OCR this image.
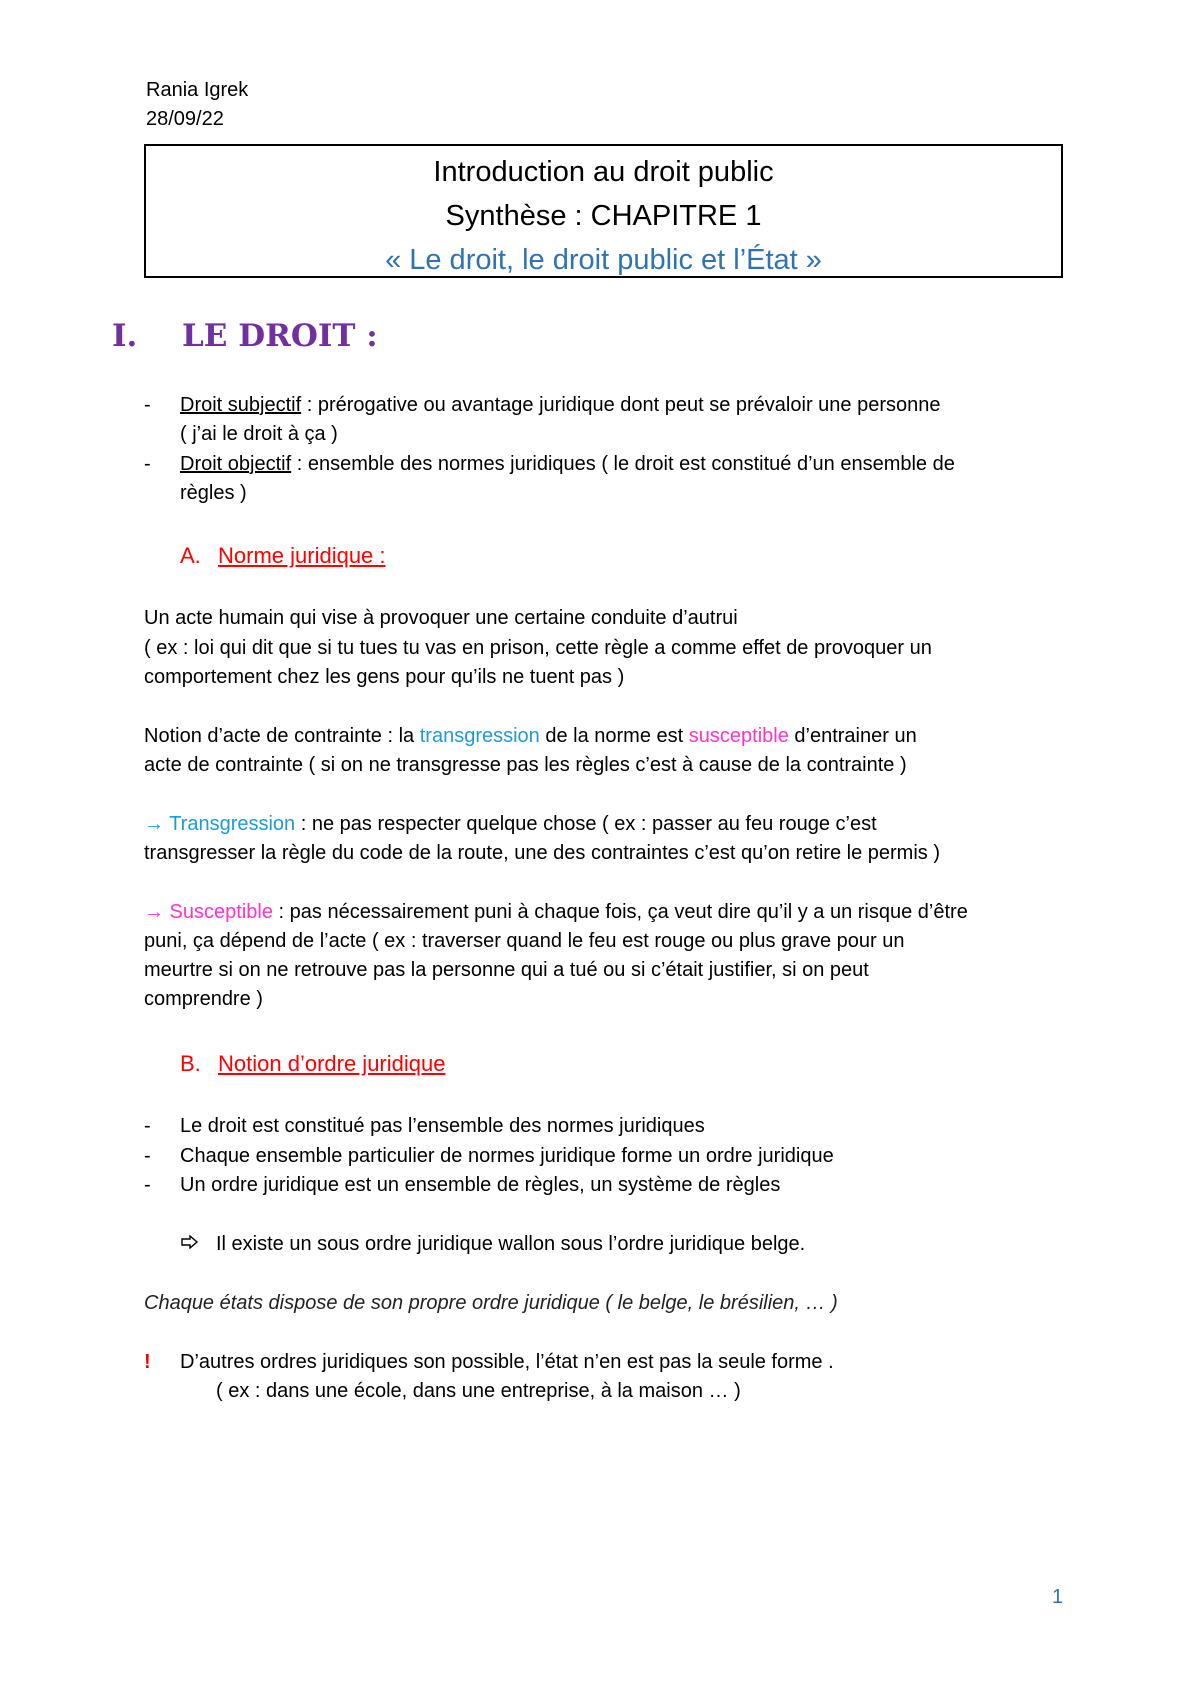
Rania Igrek
28/09/22
Introduction au droit public
Synthèse : CHAPITRE 1
« Le droit, le droit public et l’État »
I. LE DROIT :
- Droit subjectif : prérogative ou avantage juridique dont peut se prévaloir une personne
( j’ai le droit à ça )
- Droit objectif : ensemble des normes juridiques ( le droit est constitué d’un ensemble de
règles )
A. Norme juridique :
Un acte humain qui vise à provoquer une certaine conduite d’autrui
( ex : loi qui dit que si tu tues tu vas en prison, cette règle a comme effet de provoquer un
comportement chez les gens pour qu’ils ne tuent pas )
Notion d’acte de contrainte : la transgression de la norme est susceptible d’entrainer un
acte de contrainte ( si on ne transgresse pas les règles c’est à cause de la contrainte )
→ Transgression : ne pas respecter quelque chose ( ex : passer au feu rouge c’est
transgresser la règle du code de la route, une des contraintes c’est qu’on retire le permis )
→ Susceptible : pas nécessairement puni à chaque fois, ça veut dire qu’il y a un risque d’être
puni, ça dépend de l’acte ( ex : traverser quand le feu est rouge ou plus grave pour un
meurtre si on ne retrouve pas la personne qui a tué ou si c’était justifier, si on peut
comprendre )
B. Notion d’ordre juridique
- Le droit est constitué pas l’ensemble des normes juridiques
- Chaque ensemble particulier de normes juridique forme un ordre juridique
- Un ordre juridique est un ensemble de règles, un système de règles
Il existe un sous ordre juridique wallon sous l’ordre juridique belge.
Chaque états dispose de son propre ordre juridique ( le belge, le brésilien, … )
! D’autres ordres juridiques son possible, l’état n’en est pas la seule forme .
( ex : dans une école, dans une entreprise, à la maison … )
1
